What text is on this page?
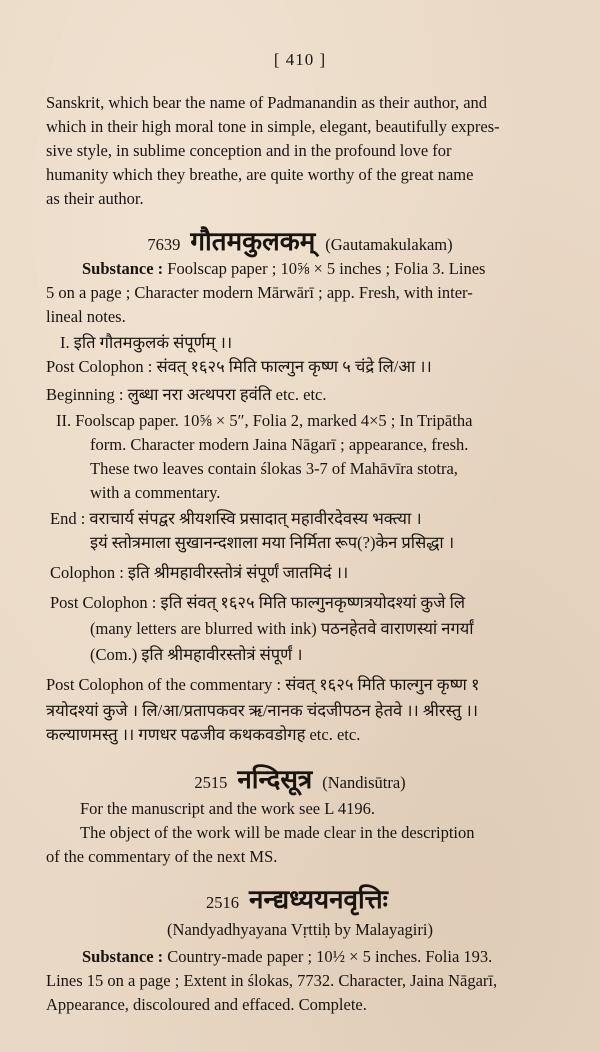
[ 410 ]
Sanskrit, which bear the name of Padmanandin as their author, and
which in their high moral tone in simple, elegant, beautifully expres-
sive style, in sublime conception and in the profound love for
humanity which they breathe, are quite worthy of the great name
as their author.
7639 गौतमकुलकम् (Gautamakulakam)
Substance : Foolscap paper ; 10⅝ × 5 inches ; Folia 3. Lines
5 on a page ; Character modern Mārwārī ; app. Fresh, with inter-
lineal notes.
I. इति गौतमकुलकं संपूर्णम् ।।
Post Colophon : संवत् १६२५ मिति फाल्गुन कृष्ण ५ चंद्रे लि/आ ।।
Beginning : लुब्धा नरा अत्थपरा हवंति etc. etc.
II. Foolscap paper. 10⅝ × 5″, Folia 2, marked 4×5 ; In Tripātha
form. Character modern Jaina Nāgarī ; appearance, fresh.
These two leaves contain ślokas 3-7 of Mahāvīra stotra,
with a commentary.
End : वराचार्य संपद्वर श्रीयशस्वि प्रसादात् महावीरदेवस्य भक्त्या ।
इयं स्तोत्रमाला सुखानन्दशाला मया निर्मिता रूप(?)केन प्रसिद्धा ।
Colophon : इति श्रीमहावीरस्तोत्रं संपूर्णं जातमिदं ।।
Post Colophon : इति संवत् १६२५ मिति फाल्गुनकृष्णत्रयोदश्यां कुजे लि
(many letters are blurred with ink) पठनहेतवे वाराणस्यां नगर्यां
(Com.) इति श्रीमहावीरस्तोत्रं संपूर्णं ।
Post Colophon of the commentary : संवत् १६२५ मिति फाल्गुन कृष्ण १
त्रयोदश्यां कुजे । लि/आ/प्रतापकवर ऋ/नानक चंदजीपठन हेतवे ।। श्रीरस्तु ।।
कल्याणमस्तु ।। गणधर पढजीव कथकवडोगह etc. etc.
2515 नन्दिसूत्र (Nandisūtra)
For the manuscript and the work see L 4196.
The object of the work will be made clear in the description
of the commentary of the next MS.
2516 नन्द्यध्ययनवृत्तिः
(Nandyadhyayana Vṛttiḥ by Malayagiri)
Substance : Country-made paper ; 10½ × 5 inches. Folia 193.
Lines 15 on a page ; Extent in ślokas, 7732. Character, Jaina Nāgarī,
Appearance, discoloured and effaced. Complete.
